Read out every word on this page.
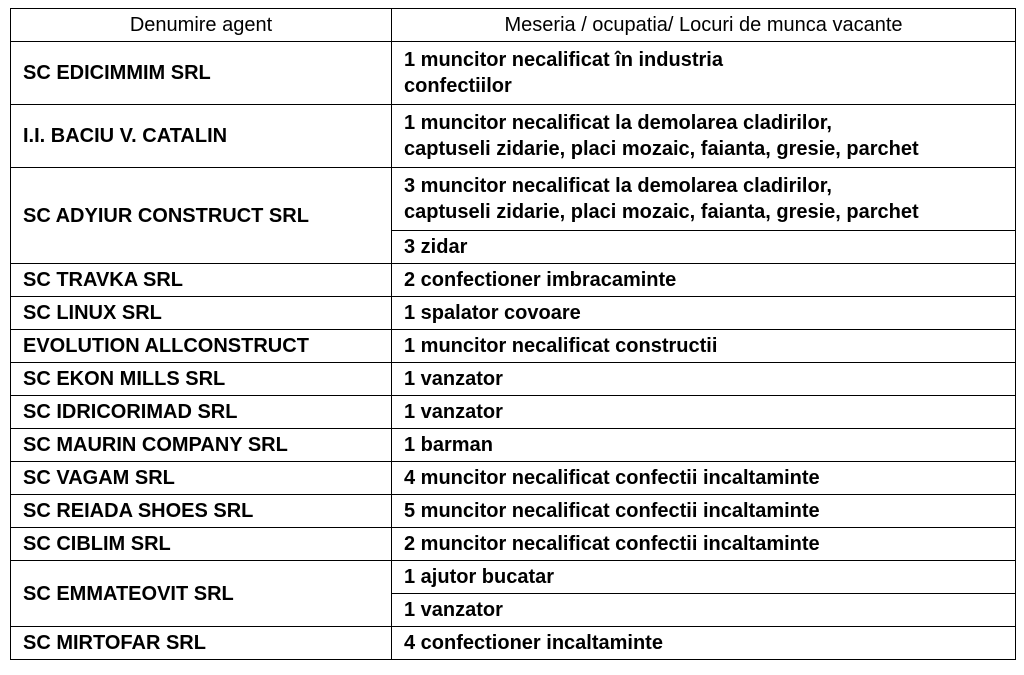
Denumire agent	Meseria / ocupatia/ Locuri de munca vacante
SC EDICIMMIM SRL	1 muncitor necalificat în industria
confectiilor

I.I. BACIU V. CATALIN	1 muncitor necalificat la demolarea cladirilor,
captuseli zidarie, placi mozaic, faianta, gresie, parchet

SC ADYIUR CONSTRUCT SRL	3 muncitor necalificat la demolarea cladirilor,
captuseli zidarie, placi mozaic, faianta, gresie, parchet

	3 zidar

SC TRAVKA SRL	2 confectioner imbracaminte

SC LINUX SRL	1 spalator covoare

EVOLUTION ALLCONSTRUCT	1 muncitor necalificat constructii

SC EKON MILLS SRL	1 vanzator

SC IDRICORIMAD SRL	1 vanzator

SC MAURIN COMPANY SRL	1 barman

SC VAGAM SRL	4 muncitor necalificat confectii incaltaminte

SC REIADA SHOES SRL	5 muncitor necalificat confectii incaltaminte

SC CIBLIM SRL	2 muncitor necalificat confectii incaltaminte

SC EMMATEOVIT SRL	1 ajutor bucatar

	1 vanzator

SC MIRTOFAR SRL	4 confectioner incaltaminte
